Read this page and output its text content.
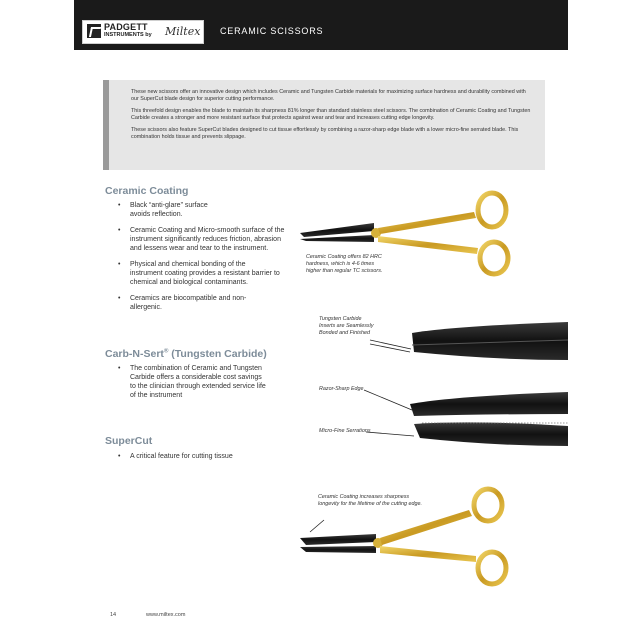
PADGETT
INSTRUMENTS by Miltex CERAMIC SCISSORS

These new scissors offer an innovative design which includes Ceramic and Tungsten Carbide materials for maximizing surface hardness and durability combined with our SuperCut blade design for superior cutting performance.

This threefold design enables the blade to maintain its sharpness 81% longer than standard stainless steel scissors. The combination of Ceramic Coating and Tungsten Carbide creates a stronger and more resistant surface that protects against wear and tear and increases cutting edge longevity.

These scissors also feature SuperCut blades designed to cut tissue effortlessly by combining a razor-sharp edge blade with a lower micro-fine serrated blade. This combination holds tissue and prevents slippage.

Ceramic Coating
• Black “anti-glare” surface avoids reflection.
• Ceramic Coating and Micro-smooth surface of the instrument significantly reduces friction, abrasion and lessens wear and tear to the instrument.
• Physical and chemical bonding of the instrument coating provides a resistant barrier to chemical and biological contaminants.
• Ceramics are biocompatible and non-allergenic.
Carb-N-Sert® (Tungsten Carbide)
• The combination of Ceramic and Tungsten Carbide offers a considerable cost savings to the clinician through extended service life of the instrument
SuperCut
• A critical feature for cutting tissue
Ceramic Coating offers 82 HRC hardness, which is 4-6 times higher than regular TC scissors.
Tungsten Carbide Inserts are Seamlessly Bonded and Finished
Razor-Sharp Edge
Micro-Fine Serrations
Ceramic Coating increases sharpness longevity for the lifetime of the cutting edge.
14	www.miltex.com
